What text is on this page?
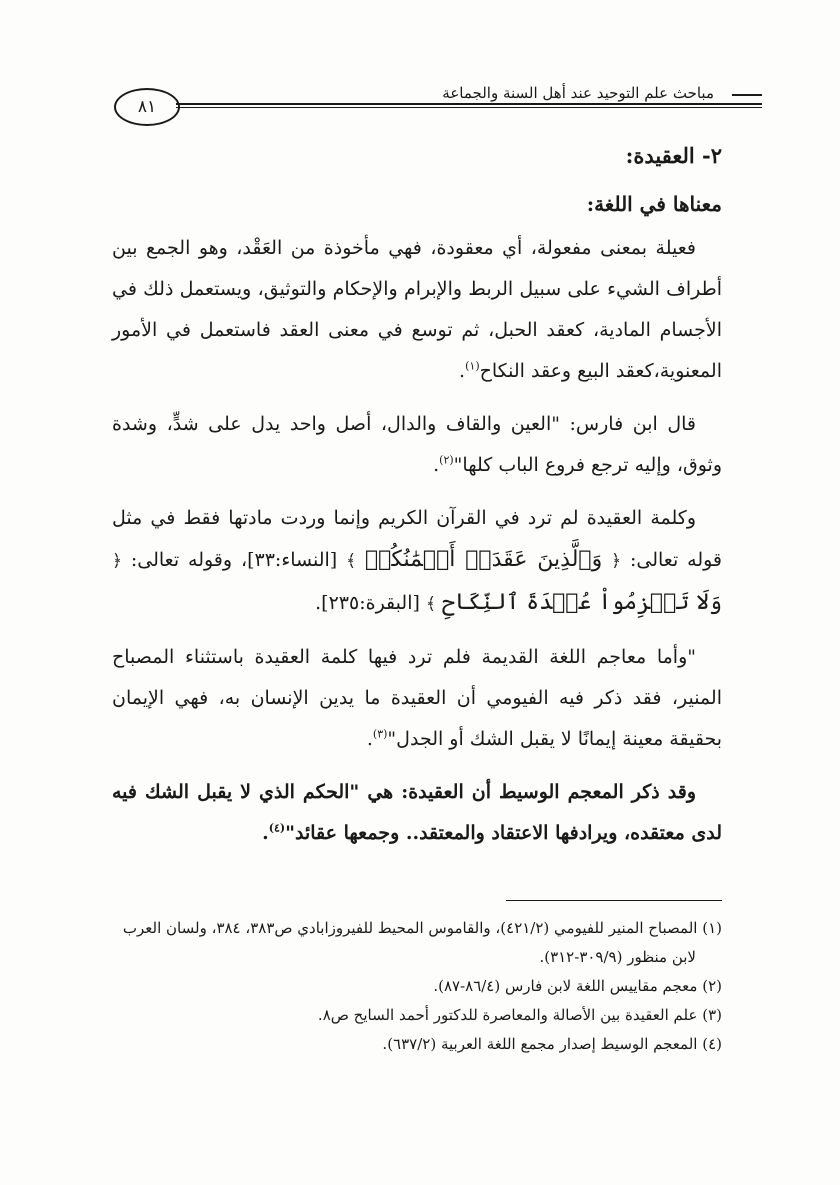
٨١
مباحث علم التوحيد عند أهل السنة والجماعة

٢- العقيدة:

معناها في اللغة:

فعيلة بمعنى مفعولة، أي معقودة، فهي مأخوذة من العَقْد، وهو الجمع بين أطراف الشيء على سبيل الربط والإبرام والإحكام والتوثيق، ويستعمل ذلك في الأجسام المادية، كعقد الحبل، ثم توسع في معنى العقد فاستعمل في الأمور المعنوية،كعقد البيع وعقد النكاح$^{(١)}$.

قال ابن فارس: "العين والقاف والدال، أصل واحد يدل على شدٍّ، وشدة وثوق، وإليه ترجع فروع الباب كلها"$^{(٢)}$.

وكلمة العقيدة لم ترد في القرآن الكريم وإنما وردت مادتها فقط في مثل قوله تعالى: ﴿ وَٱلَّذِينَ عَقَدَتۡ أَيۡمَٰنُكُمۡ ﴾ [النساء:٣٣]، وقوله تعالى: ﴿ وَلَا تَعۡزِمُواْ عُقۡدَةَ ٱلنِّكَاحِ ﴾ [البقرة:٢٣٥].

"وأما معاجم اللغة القديمة فلم ترد فيها كلمة العقيدة باستثناء المصباح المنير، فقد ذكر فيه الفيومي أن العقيدة ما يدين الإنسان به، فهي الإيمان بحقيقة معينة إيمانًا لا يقبل الشك أو الجدل"$^{(٣)}$.

وقد ذكر المعجم الوسيط أن العقيدة: هي "الحكم الذي لا يقبل الشك فيه لدى معتقده، ويرادفها الاعتقاد والمعتقد.. وجمعها عقائد"$^{(٤)}$.

(١) المصباح المنير للفيومي (٤٢١/٢)، والقاموس المحيط للفيروزابادي ص٣٨٣، ٣٨٤، ولسان العرب لابن منظور (٣٠٩/٩-٣١٢).

(٢) معجم مقاييس اللغة لابن فارس (٨٦/٤-٨٧).

(٣) علم العقيدة بين الأصالة والمعاصرة للدكتور أحمد السايح ص٨.

(٤) المعجم الوسيط إصدار مجمع اللغة العربية (٦٣٧/٢).
